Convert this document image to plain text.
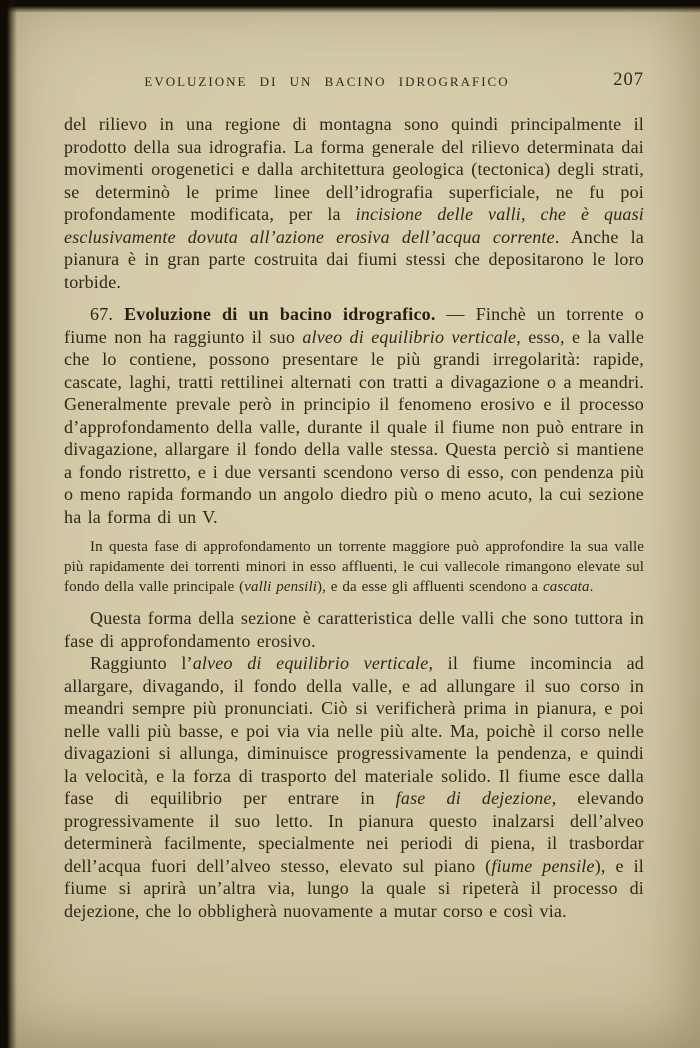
EVOLUZIONE DI UN BACINO IDROGRAFICO	207

del rilievo in una regione di montagna sono quindi principalmente il prodotto della sua idrografia. La forma generale del rilievo determinata dai movimenti orogenetici e dalla architettura geologica (tectonica) degli strati, se determinò le prime linee dell’idrografia superficiale, ne fu poi profondamente modificata, per la incisione delle valli, che è quasi esclusivamente dovuta all’azione erosiva dell’acqua corrente. Anche la pianura è in gran parte costruita dai fiumi stessi che depositarono le loro torbide.

67. Evoluzione di un bacino idrografico. — Finchè un torrente o fiume non ha raggiunto il suo alveo di equilibrio verticale, esso, e la valle che lo contiene, possono presentare le più grandi irregolarità: rapide, cascate, laghi, tratti rettilinei alternati con tratti a divagazione o a meandri. Generalmente prevale però in principio il fenomeno erosivo e il processo d’approfondamento della valle, durante il quale il fiume non può entrare in divagazione, allargare il fondo della valle stessa. Questa perciò si mantiene a fondo ristretto, e i due versanti scendono verso di esso, con pendenza più o meno rapida formando un angolo diedro più o meno acuto, la cui sezione ha la forma di un V.

In questa fase di approfondamento un torrente maggiore può approfondire la sua valle più rapidamente dei torrenti minori in esso affluenti, le cui vallecole rimangono elevate sul fondo della valle principale (valli pensili), e da esse gli affluenti scendono a cascata.

Questa forma della sezione è caratteristica delle valli che sono tuttora in fase di approfondamento erosivo.

Raggiunto l’alveo di equilibrio verticale, il fiume incomincia ad allargare, divagando, il fondo della valle, e ad allungare il suo corso in meandri sempre più pronunciati. Ciò si verificherà prima in pianura, e poi nelle valli più basse, e poi via via nelle più alte. Ma, poichè il corso nelle divagazioni si allunga, diminuisce progressivamente la pendenza, e quindi la velocità, e la forza di trasporto del materiale solido. Il fiume esce dalla fase di equilibrio per entrare in fase di dejezione, elevando progressivamente il suo letto. In pianura questo inalzarsi dell’alveo determinerà facilmente, specialmente nei periodi di piena, il trasbordar dell’acqua fuori dell’alveo stesso, elevato sul piano (fiume pensile), e il fiume si aprirà un’altra via, lungo la quale si ripeterà il processo di dejezione, che lo obbligherà nuovamente a mutar corso e così via.
